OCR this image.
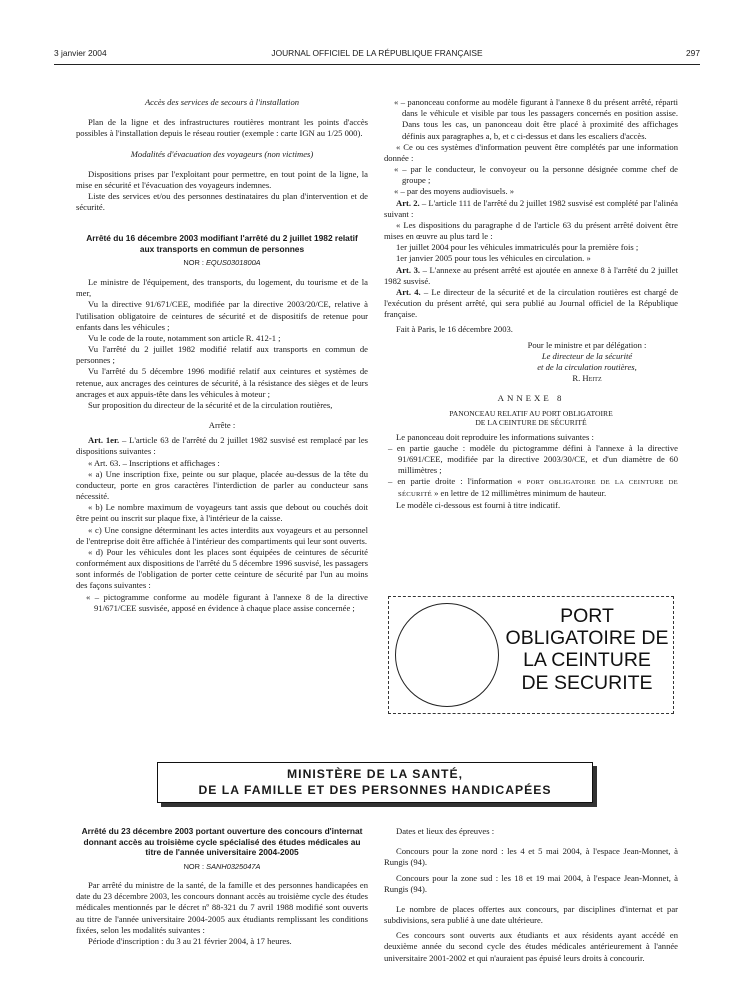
3 janvier 2004	JOURNAL OFFICIEL DE LA RÉPUBLIQUE FRANÇAISE	297

Accès des services de secours à l'installation

Plan de la ligne et des infrastructures routières montrant les points d'accès possibles à l'installation depuis le réseau routier (exemple : carte IGN au 1/25 000).

Modalités d'évacuation des voyageurs (non victimes)

Dispositions prises par l'exploitant pour permettre, en tout point de la ligne, la mise en sécurité et l'évacuation des voyageurs indemnes.

Liste des services et/ou des personnes destinataires du plan d'intervention et de sécurité.

Arrêté du 16 décembre 2003 modifiant l'arrêté du 2 juillet 1982 relatif aux transports en commun de personnes

NOR : EQUS0301800A

Le ministre de l'équipement, des transports, du logement, du tourisme et de la mer,

Vu la directive 91/671/CEE, modifiée par la directive 2003/20/CE, relative à l'utilisation obligatoire de ceintures de sécurité et de dispositifs de retenue pour enfants dans les véhicules ;

Vu le code de la route, notamment son article R. 412-1 ;

Vu l'arrêté du 2 juillet 1982 modifié relatif aux transports en commun de personnes ;

Vu l'arrêté du 5 décembre 1996 modifié relatif aux ceintures et systèmes de retenue, aux ancrages des ceintures de sécurité, à la résistance des sièges et de leurs ancrages et aux appuis-tête dans les véhicules à moteur ;

Sur proposition du directeur de la sécurité et de la circulation routières,

Arrête :

Art. 1er. – L'article 63 de l'arrêté du 2 juillet 1982 susvisé est remplacé par les dispositions suivantes :

« Art. 63. – Inscriptions et affichages :

« a) Une inscription fixe, peinte ou sur plaque, placée au-dessus de la tête du conducteur, porte en gros caractères l'interdiction de parler au conducteur sans nécessité.

« b) Le nombre maximum de voyageurs tant assis que debout ou couchés doit être peint ou inscrit sur plaque fixe, à l'intérieur de la caisse.

« c) Une consigne déterminant les actes interdits aux voyageurs et au personnel de l'entreprise doit être affichée à l'intérieur des compartiments qui leur sont ouverts.

« d) Pour les véhicules dont les places sont équipées de ceintures de sécurité conformément aux dispositions de l'arrêté du 5 décembre 1996 susvisé, les passagers sont informés de l'obligation de porter cette ceinture de sécurité par l'un au moins des façons suivantes :

« – pictogramme conforme au modèle figurant à l'annexe 8 de la directive 91/671/CEE susvisée, apposé en évidence à chaque place assise concernée ;

« – panonceau conforme au modèle figurant à l'annexe 8 du présent arrêté, réparti dans le véhicule et visible par tous les passagers concernés en position assise. Dans tous les cas, un panonceau doit être placé à proximité des affichages définis aux paragraphes a, b, et c ci-dessus et dans les escaliers d'accès.

« Ce ou ces systèmes d'information peuvent être complétés par une information donnée :

« – par le conducteur, le convoyeur ou la personne désignée comme chef de groupe ;

« – par des moyens audiovisuels. »

Art. 2. – L'article 111 de l'arrêté du 2 juillet 1982 susvisé est complété par l'alinéa suivant :

« Les dispositions du paragraphe d de l'article 63 du présent arrêté doivent être mises en œuvre au plus tard le :

1er juillet 2004 pour les véhicules immatriculés pour la première fois ;

1er janvier 2005 pour tous les véhicules en circulation. »

Art. 3. – L'annexe au présent arrêté est ajoutée en annexe 8 à l'arrêté du 2 juillet 1982 susvisé.

Art. 4. – Le directeur de la sécurité et de la circulation routières est chargé de l'exécution du présent arrêté, qui sera publié au Journal officiel de la République française.

Fait à Paris, le 16 décembre 2003.

Pour le ministre et par délégation :
Le directeur de la sécurité
et de la circulation routières,
R. Heitz

ANNEXE 8

PANONCEAU RELATIF AU PORT OBLIGATOIRE

DE LA CEINTURE DE SÉCURITÉ

Le panonceau doit reproduire les informations suivantes :

– en partie gauche : modèle du pictogramme défini à l'annexe à la directive 91/691/CEE, modifiée par la directive 2003/30/CE, et d'un diamètre de 60 millimètres ;

– en partie droite : l'information « PORT OBLIGATOIRE DE LA CEINTURE DE SÉCURITÉ » en lettre de 12 millimètres minimum de hauteur.

Le modèle ci-dessous est fourni à titre indicatif.

PORT
OBLIGATOIRE DE
LA CEINTURE
DE SECURITE
MINISTÈRE DE LA SANTÉ,
DE LA FAMILLE ET DES PERSONNES HANDICAPÉES

Arrêté du 23 décembre 2003 portant ouverture des concours d'internat donnant accès au troisième cycle spécialisé des études médicales au titre de l'année universitaire 2004-2005

NOR : SANH0325047A

Par arrêté du ministre de la santé, de la famille et des personnes handicapées en date du 23 décembre 2003, les concours donnant accès au troisième cycle des études médicales mentionnés par le décret nº 88-321 du 7 avril 1988 modifié sont ouverts au titre de l'année universitaire 2004-2005 aux étudiants remplissant les conditions fixées, selon les modalités suivantes :

Période d'inscription : du 3 au 21 février 2004, à 17 heures.

Dates et lieux des épreuves :

Concours pour la zone nord : les 4 et 5 mai 2004, à l'espace Jean-Monnet, à Rungis (94).

Concours pour la zone sud : les 18 et 19 mai 2004, à l'espace Jean-Monnet, à Rungis (94).

Le nombre de places offertes aux concours, par disciplines d'internat et par subdivisions, sera publié à une date ultérieure.

Ces concours sont ouverts aux étudiants et aux résidents ayant accédé en deuxième année du second cycle des études médicales antérieurement à l'année universitaire 2001-2002 et qui n'auraient pas épuisé leurs droits à concourir.
